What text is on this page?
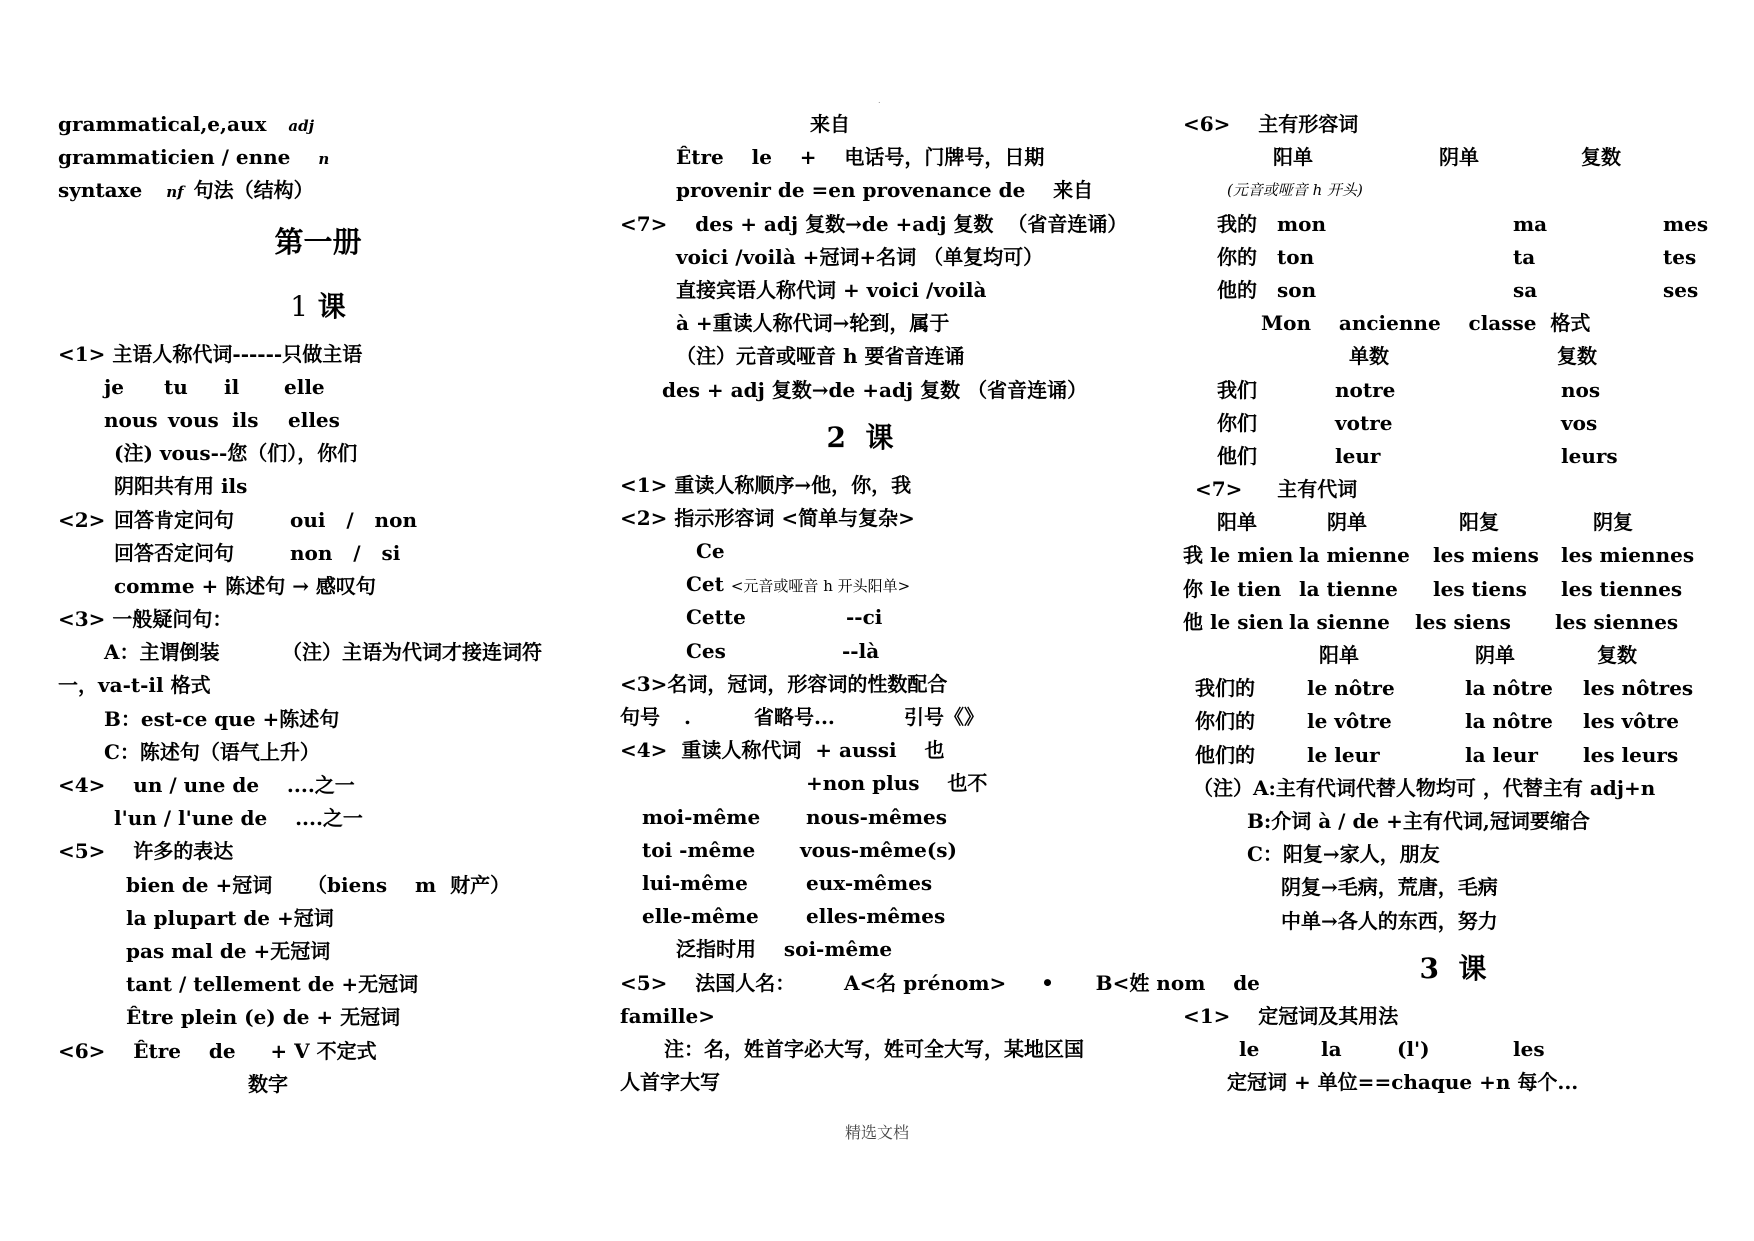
.
grammatical,e,aux adj
grammaticien / enne n
syntaxe nf 句法（结构）
第一册
1 课
<1> 主语人称代词------只做主语
je tu il elle
nous vous ils elles
(注) vous--您（们），你们
阴阳共有用 ils
<2> 回答肯定问句	oui   /   non
回答否定问句	non   /   si
comme + 陈述句 → 感叹句
<3> 一般疑问句：
A：主谓倒装	（注）主语为代词才接连词符
一，va-t-il 格式
B：est-ce que +陈述句
C：陈述句（语气上升）
<4>    un / une de    ....之一
l'un / l'une de    ....之一
<5>    许多的表达
bien de +冠词     （biens    m  财产）
la plupart de +冠词
pas mal de +无冠词
tant / tellement de +无冠词
Être plein (e) de + 无冠词
<6>    Être    de     + V 不定式
数字
来自
Être    le    +    电话号，门牌号，日期
provenir de =en provenance de    来自
<7>    des + adj 复数→de +adj 复数  （省音连诵）
voici /voilà +冠词+名词 （单复均可）
直接宾语人称代词 + voici /voilà
à +重读人称代词→轮到，属于
（注）元音或哑音 h 要省音连诵
des + adj 复数→de +adj 复数 （省音连诵）
2 课
<1> 重读人称顺序→他，你，我
<2> 指示形容词 <简单与复杂>
Ce
Cet <元音或哑音 h 开头阳单>
Cette	--ci
Ces	--là
<3>名词，冠词，形容词的性数配合
句号 .	省略号...	引号《》
<4>  重读人称代词  + aussi    也
+non plus    也不
moi-même nous-mêmes
toi -même vous-même(s)
lui-même	eux-mêmes
elle-même elles-mêmes
泛指时用    soi-même
<5>    法国人名：       A<名 prénom>     •      B<姓 nom    de
famille>
注：名，姓首字必大写，姓可全大写，某地区国
人首字大写
<6>    主有形容词
阳单	阴单	复数
(元音或哑音 h 开头)
我的 mon	ma	mes
你的 ton	ta	tes
他的 son	sa	ses
Mon    ancienne    classe  格式
单数	复数
我们	notre	nos
你们	votre	vos
他们	leur	leurs
<7>     主有代词
阳单	阴单	阳复	阴复
我 le mien la mienne les miens les miennes
你 le tien la tienne les tiens les tiennes
他 le sien la sienne les siens les siennes
阳单	阴单	复数
我们的	le nôtre	la nôtre les nôtres
你们的	le vôtre	la nôtre les vôtre
他们的	le leur	la leur les leurs
（注）A:主有代词代替人物均可 ，代替主有 adj+n
B:介词 à / de +主有代词,冠词要缩合
C：阳复→家人，朋友
阴复→毛病，荒唐，毛病
中单→各人的东西，努力
3 课
<1>    定冠词及其用法
le	la	(l')	les
定冠词 + 单位==chaque +n 每个...
精选文档
